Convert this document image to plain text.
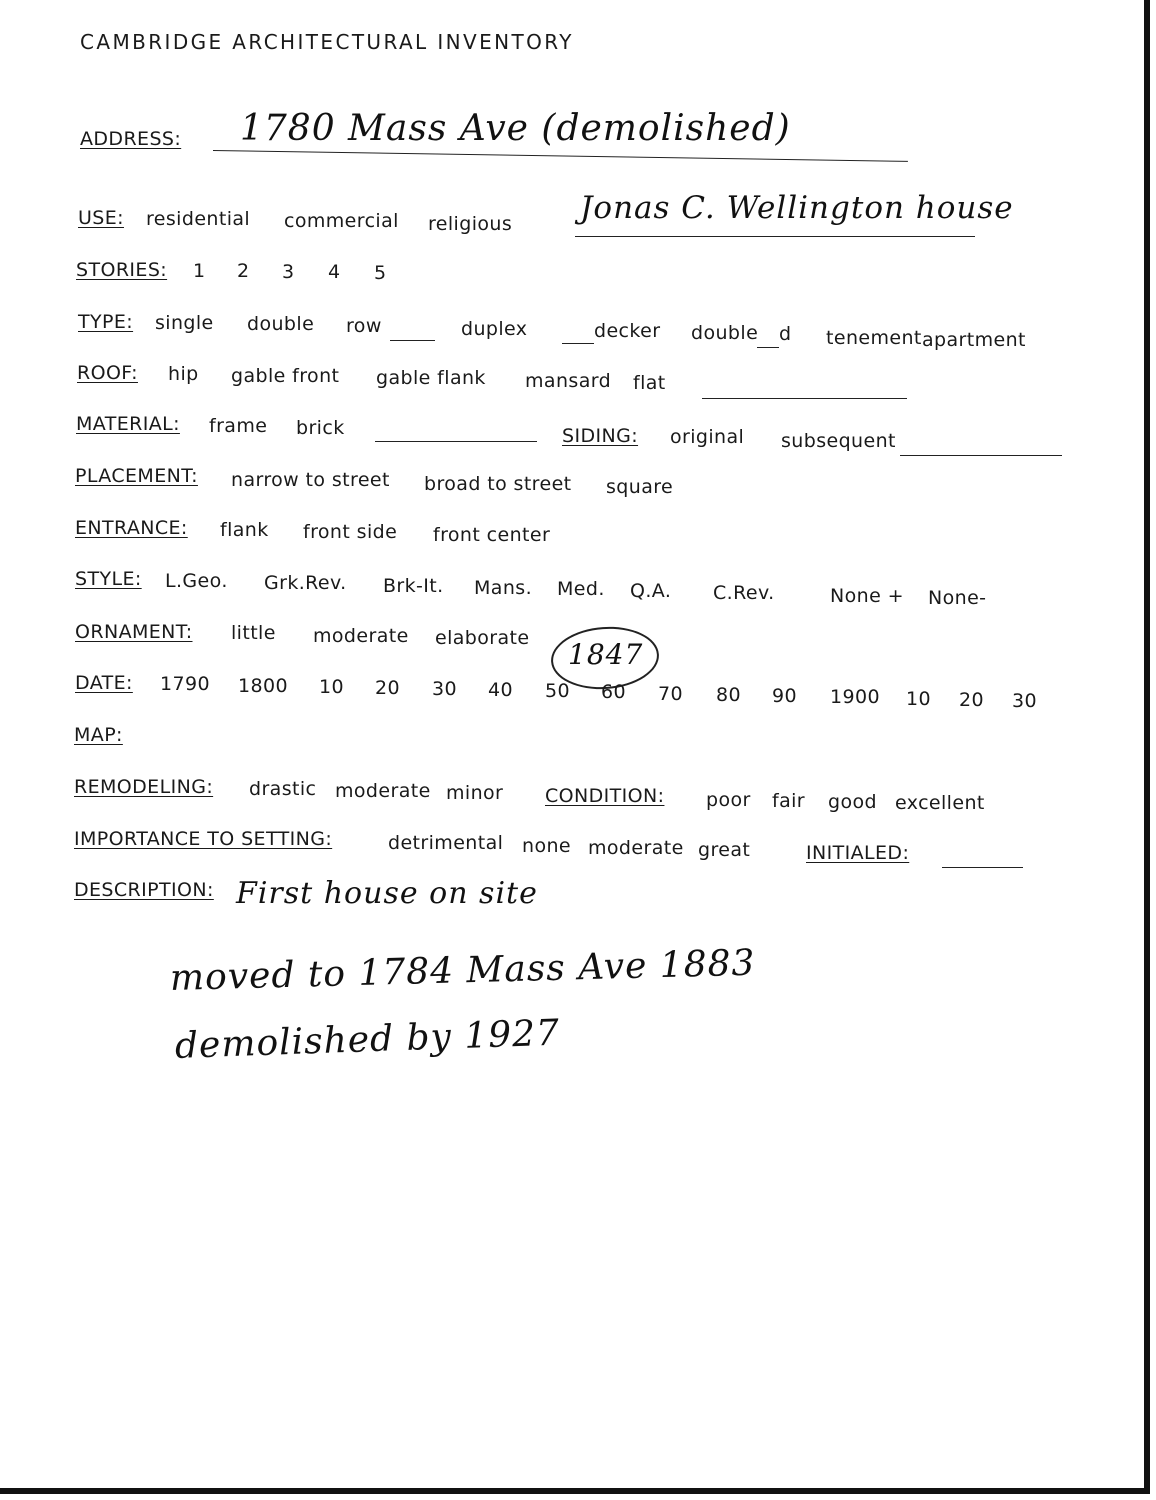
CAMBRIDGE ARCHITECTURAL INVENTORY
ADDRESS: 1780 Mass Ave (demolished)
USE: residential commercial religious Jonas C. Wellington house
STORIES: 1 2 3 4 5
TYPE: single double row	duplex	decker double d tenement apartment
ROOF: hip gable front gable flank mansard flat
MATERIAL: frame brick	SIDING: original subsequent
PLACEMENT: narrow to street broad to street square
ENTRANCE: flank front side front center
STYLE: L.Geo. Grk.Rev. Brk-It. Mans. Med. Q.A. C.Rev.	None + None-
ORNAMENT: little moderate elaborate 1847
DATE: 1790 1800 10 20 30 40 50 60 70 80 90 1900 10 20 30
MAP:
REMODELING: drastic moderate minor CONDITION: poor fair good excellent
IMPORTANCE TO SETTING:	detrimental none moderate great	INITIALED:
DESCRIPTION: First house on site
moved to 1784 Mass Ave 1883
demolished by 1927
